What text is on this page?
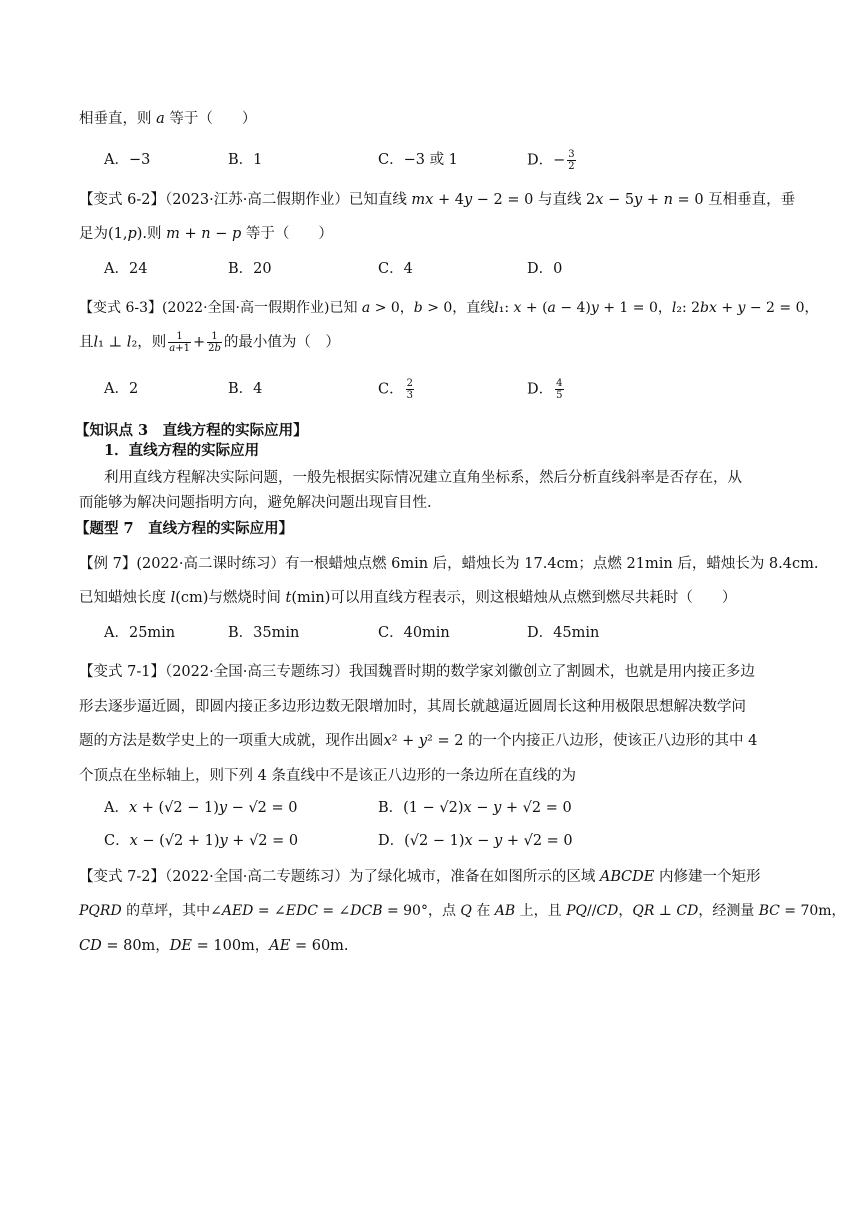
相垂直，则 𝑎 等于（　　）
A．−3	B．1	C．−3 或 1	D．− $\frac{3}{2}$
【变式 6-2】（2023·江苏·高二假期作业）已知直线 𝑚𝑥 + 4𝑦 − 2 = 0 与直线 2𝑥 − 5𝑦 + 𝑛 = 0 互相垂直，垂
足为(1,𝑝).则 𝑚 + 𝑛 − 𝑝 等于（　　）
A．24	B．20	C．4	D．0
【变式 6-3】(2022·全国·高一假期作业)已知 𝑎 > 0，𝑏 > 0，直线𝑙₁: 𝑥 + (𝑎 − 4)𝑦 + 1 = 0，𝑙₂: 2𝑏𝑥 + 𝑦 − 2 = 0，
且𝑙₁ ⊥ 𝑙₂，则 $\frac{1}{\text{𝑎+1}} + \frac{1}{\text{2𝑏}}$ 的最小值为（　）
A．2	B．4	C． $\frac{2}{3}$	D． $\frac{4}{5}$
【知识点 3　直线方程的实际应用】
1．直线方程的实际应用
利用直线方程解决实际问题，一般先根据实际情况建立直角坐标系，然后分析直线斜率是否存在，从
而能够为解决问题指明方向，避免解决问题出现盲目性.
【题型 7　直线方程的实际应用】
【例 7】(2022·高二课时练习）有一根蜡烛点燃 6min 后，蜡烛长为 17.4cm；点燃 21min 后，蜡烛长为 8.4cm.
已知蜡烛长度 𝑙(cm)与燃烧时间 𝑡(min)可以用直线方程表示，则这根蜡烛从点燃到燃尽共耗时（　　）
A．25min	B．35min	C．40min	D．45min
【变式 7-1】（2022·全国·高三专题练习）我国魏晋时期的数学家刘徽创立了割圆术，也就是用内接正多边
形去逐步逼近圆，即圆内接正多边形边数无限增加时，其周长就越逼近圆周长这种用极限思想解决数学问
题的方法是数学史上的一项重大成就，现作出圆𝑥² + 𝑦² = 2 的一个内接正八边形，使该正八边形的其中 4
个顶点在坐标轴上，则下列 4 条直线中不是该正八边形的一条边所在直线的为
A．𝑥 + (√2 − 1)𝑦 − √2 = 0	B．(1 − √2)𝑥 − 𝑦 + √2 = 0
C．𝑥 − (√2 + 1)𝑦 + √2 = 0	D．(√2 − 1)𝑥 − 𝑦 + √2 = 0
【变式 7-2】（2022·全国·高二专题练习）为了绿化城市，准备在如图所示的区域 𝐴𝐵𝐶𝐷𝐸 内修建一个矩形
𝑃𝑄𝑅𝐷 的草坪，其中∠𝐴𝐸𝐷 = ∠𝐸𝐷𝐶 = ∠𝐷𝐶𝐵 = 90°，点 𝑄 在 𝐴𝐵 上，且 𝑃𝑄//𝐶𝐷，𝑄𝑅 ⊥ 𝐶𝐷，经测量 𝐵𝐶 = 70m，
𝐶𝐷 = 80m，𝐷𝐸 = 100m，𝐴𝐸 = 60m.
